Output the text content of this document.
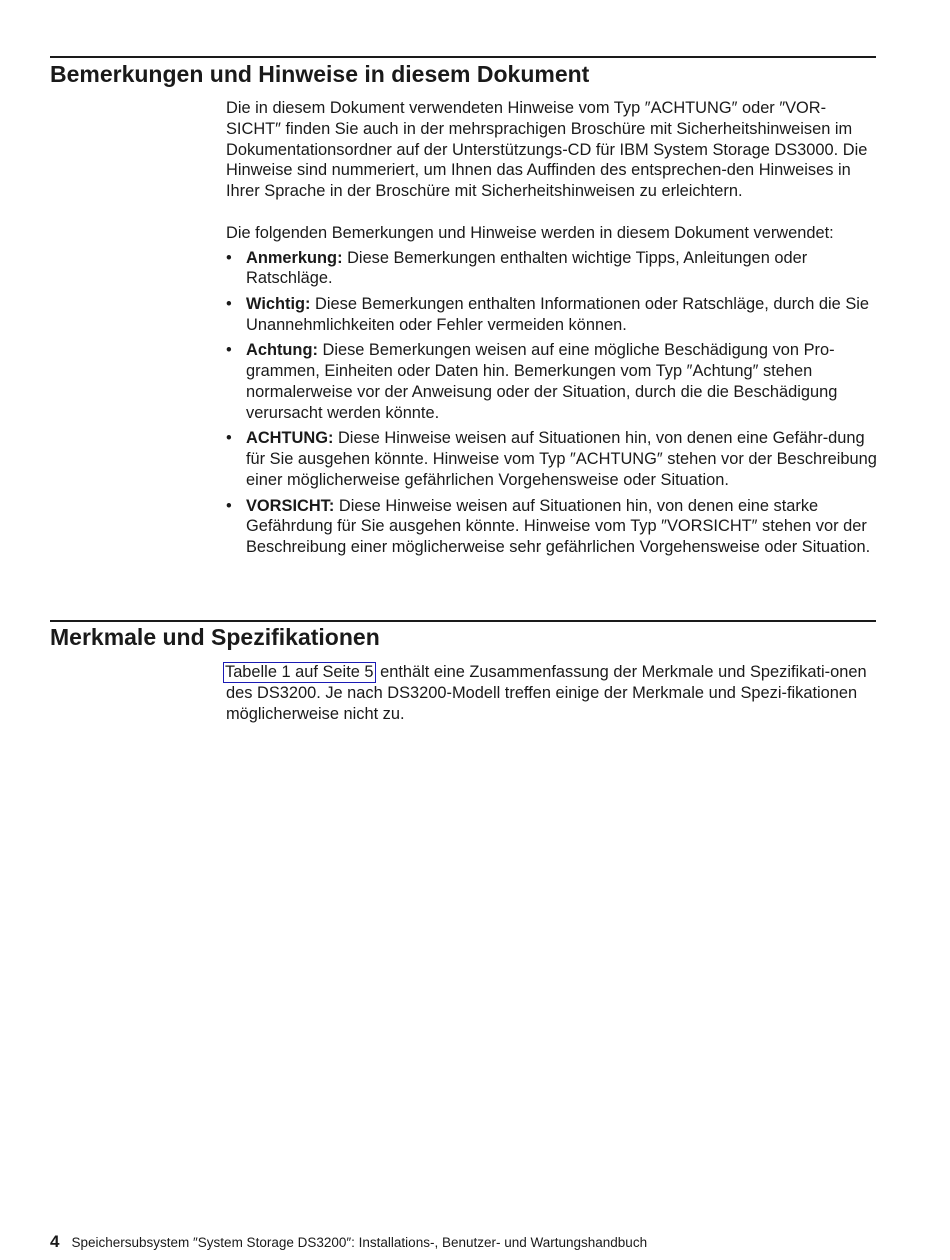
Bemerkungen und Hinweise in diesem Dokument

Die in diesem Dokument verwendeten Hinweise vom Typ ″ACHTUNG″ oder ″VOR-SICHT″ finden Sie auch in der mehrsprachigen Broschüre mit Sicherheitshinweisen im Dokumentationsordner auf der Unterstützungs-CD für IBM System Storage DS3000. Die Hinweise sind nummeriert, um Ihnen das Auffinden des entsprechen-den Hinweises in Ihrer Sprache in der Broschüre mit Sicherheitshinweisen zu erleichtern.

Die folgenden Bemerkungen und Hinweise werden in diesem Dokument verwendet:

• Anmerkung: Diese Bemerkungen enthalten wichtige Tipps, Anleitungen oder Ratschläge.
• Wichtig: Diese Bemerkungen enthalten Informationen oder Ratschläge, durch die Sie Unannehmlichkeiten oder Fehler vermeiden können.
• Achtung: Diese Bemerkungen weisen auf eine mögliche Beschädigung von Pro-grammen, Einheiten oder Daten hin. Bemerkungen vom Typ ″Achtung″ stehen normalerweise vor der Anweisung oder der Situation, durch die die Beschädigung verursacht werden könnte.
• ACHTUNG: Diese Hinweise weisen auf Situationen hin, von denen eine Gefähr-dung für Sie ausgehen könnte. Hinweise vom Typ ″ACHTUNG″ stehen vor der Beschreibung einer möglicherweise gefährlichen Vorgehensweise oder Situation.
• VORSICHT: Diese Hinweise weisen auf Situationen hin, von denen eine starke Gefährdung für Sie ausgehen könnte. Hinweise vom Typ ″VORSICHT″ stehen vor der Beschreibung einer möglicherweise sehr gefährlichen Vorgehensweise oder Situation.
Merkmale und Spezifikationen

Tabelle 1 auf Seite 5 enthält eine Zusammenfassung der Merkmale und Spezifikati-onen des DS3200. Je nach DS3200-Modell treffen einige der Merkmale und Spezi-fikationen möglicherweise nicht zu.

4 Speichersubsystem ″System Storage DS3200″: Installations-, Benutzer- und Wartungshandbuch
